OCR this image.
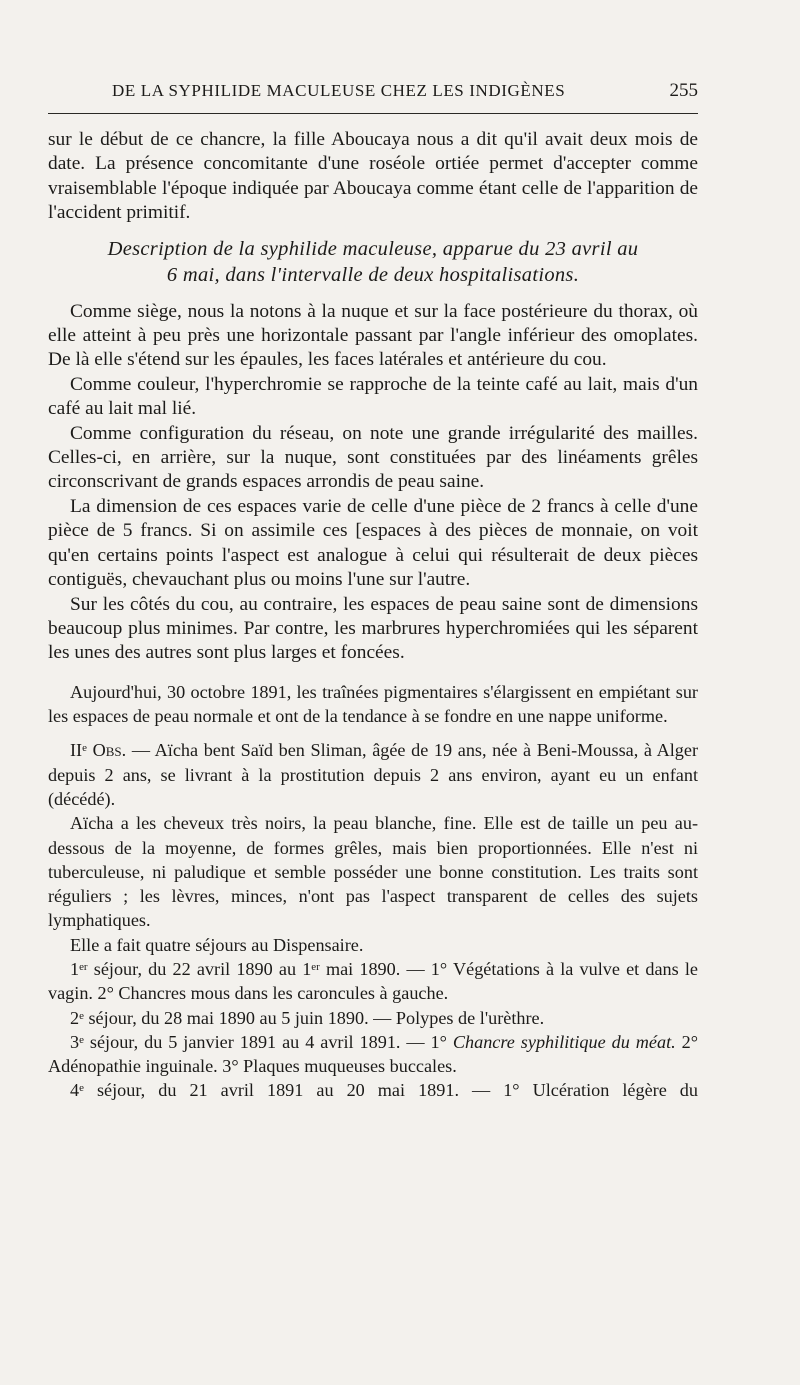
DE LA SYPHILIDE MACULEUSE CHEZ LES INDIGÈNES	255

sur le début de ce chancre, la fille Aboucaya nous a dit qu'il avait deux mois de date. La présence concomitante d'une roséole ortiée permet d'accepter comme vraisemblable l'époque indiquée par Aboucaya comme étant celle de l'apparition de l'accident primitif.

Description de la syphilide maculeuse, apparue du 23 avril au

6 mai, dans l'intervalle de deux hospitalisations.

Comme siège, nous la notons à la nuque et sur la face postérieure du thorax, où elle atteint à peu près une horizontale passant par l'angle inférieur des omoplates. De là elle s'étend sur les épaules, les faces latérales et antérieure du cou.

Comme couleur, l'hyperchromie se rapproche de la teinte café au lait, mais d'un café au lait mal lié.

Comme configuration du réseau, on note une grande irrégularité des mailles. Celles-ci, en arrière, sur la nuque, sont constituées par des linéaments grêles circonscrivant de grands espaces arrondis de peau saine.

La dimension de ces espaces varie de celle d'une pièce de 2 francs à celle d'une pièce de 5 francs. Si on assimile ces [espaces à des pièces de monnaie, on voit qu'en certains points l'aspect est analogue à celui qui résulterait de deux pièces contiguës, chevauchant plus ou moins l'une sur l'autre.

Sur les côtés du cou, au contraire, les espaces de peau saine sont de dimensions beaucoup plus minimes. Par contre, les marbrures hyperchromiées qui les séparent les unes des autres sont plus larges et foncées.

Aujourd'hui, 30 octobre 1891, les traînées pigmentaires s'élargissent en empiétant sur les espaces de peau normale et ont de la tendance à se fondre en une nappe uniforme.

IIe Obs. — Aïcha bent Saïd ben Sliman, âgée de 19 ans, née à Beni-Moussa, à Alger depuis 2 ans, se livrant à la prostitution depuis 2 ans environ, ayant eu un enfant (décédé).

Aïcha a les cheveux très noirs, la peau blanche, fine. Elle est de taille un peu au-dessous de la moyenne, de formes grêles, mais bien proportionnées. Elle n'est ni tuberculeuse, ni paludique et semble posséder une bonne constitution. Les traits sont réguliers ; les lèvres, minces, n'ont pas l'aspect transparent de celles des sujets lymphatiques.

Elle a fait quatre séjours au Dispensaire.

1er séjour, du 22 avril 1890 au 1er mai 1890. — 1° Végétations à la vulve et dans le vagin. 2° Chancres mous dans les caroncules à gauche.

2e séjour, du 28 mai 1890 au 5 juin 1890. — Polypes de l'urèthre.

3e séjour, du 5 janvier 1891 au 4 avril 1891. — 1° Chancre syphilitique du méat. 2° Adénopathie inguinale. 3° Plaques muqueuses buccales.

4e séjour, du 21 avril 1891 au 20 mai 1891. — 1° Ulcération légère du
